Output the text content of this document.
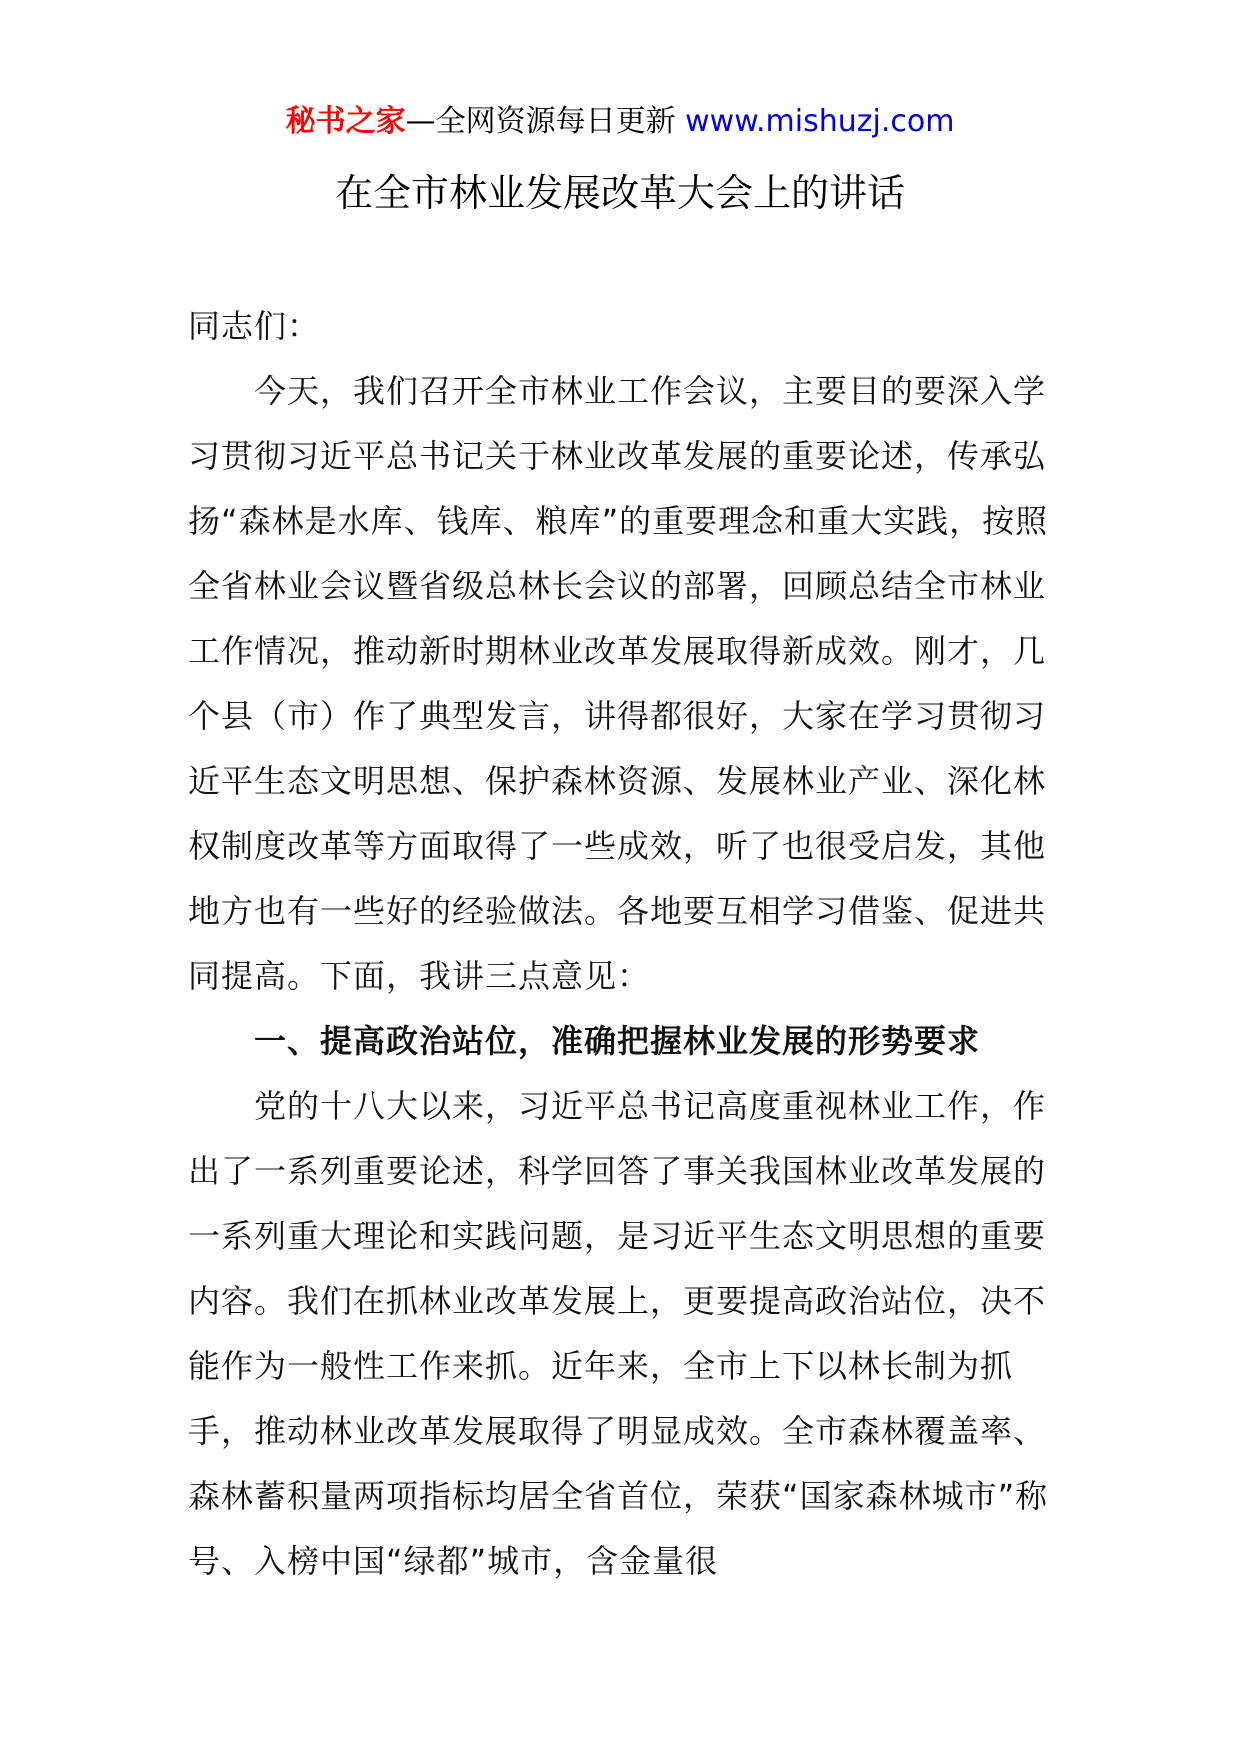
秘书之家—全网资源每日更新 www.mishuzj.com
在全市林业发展改革大会上的讲话

同志们：

今天，我们召开全市林业工作会议，主要目的要深入学习贯彻习近平总书记关于林业改革发展的重要论述，传承弘扬“森林是水库、钱库、粮库”的重要理念和重大实践，按照全省林业会议暨省级总林长会议的部署，回顾总结全市林业工作情况，推动新时期林业改革发展取得新成效。刚才，几个县（市）作了典型发言，讲得都很好，大家在学习贯彻习近平生态文明思想、保护森林资源、发展林业产业、深化林权制度改革等方面取得了一些成效，听了也很受启发，其他地方也有一些好的经验做法。各地要互相学习借鉴、促进共同提高。下面，我讲三点意见：

一、提高政治站位，准确把握林业发展的形势要求

党的十八大以来，习近平总书记高度重视林业工作，作出了一系列重要论述，科学回答了事关我国林业改革发展的一系列重大理论和实践问题，是习近平生态文明思想的重要内容。我们在抓林业改革发展上，更要提高政治站位，决不能作为一般性工作来抓。近年来，全市上下以林长制为抓手，推动林业改革发展取得了明显成效。全市森林覆盖率、森林蓄积量两项指标均居全省首位，荣获“国家森林城市”称号、入榜中国“绿都”城市，含金量很
